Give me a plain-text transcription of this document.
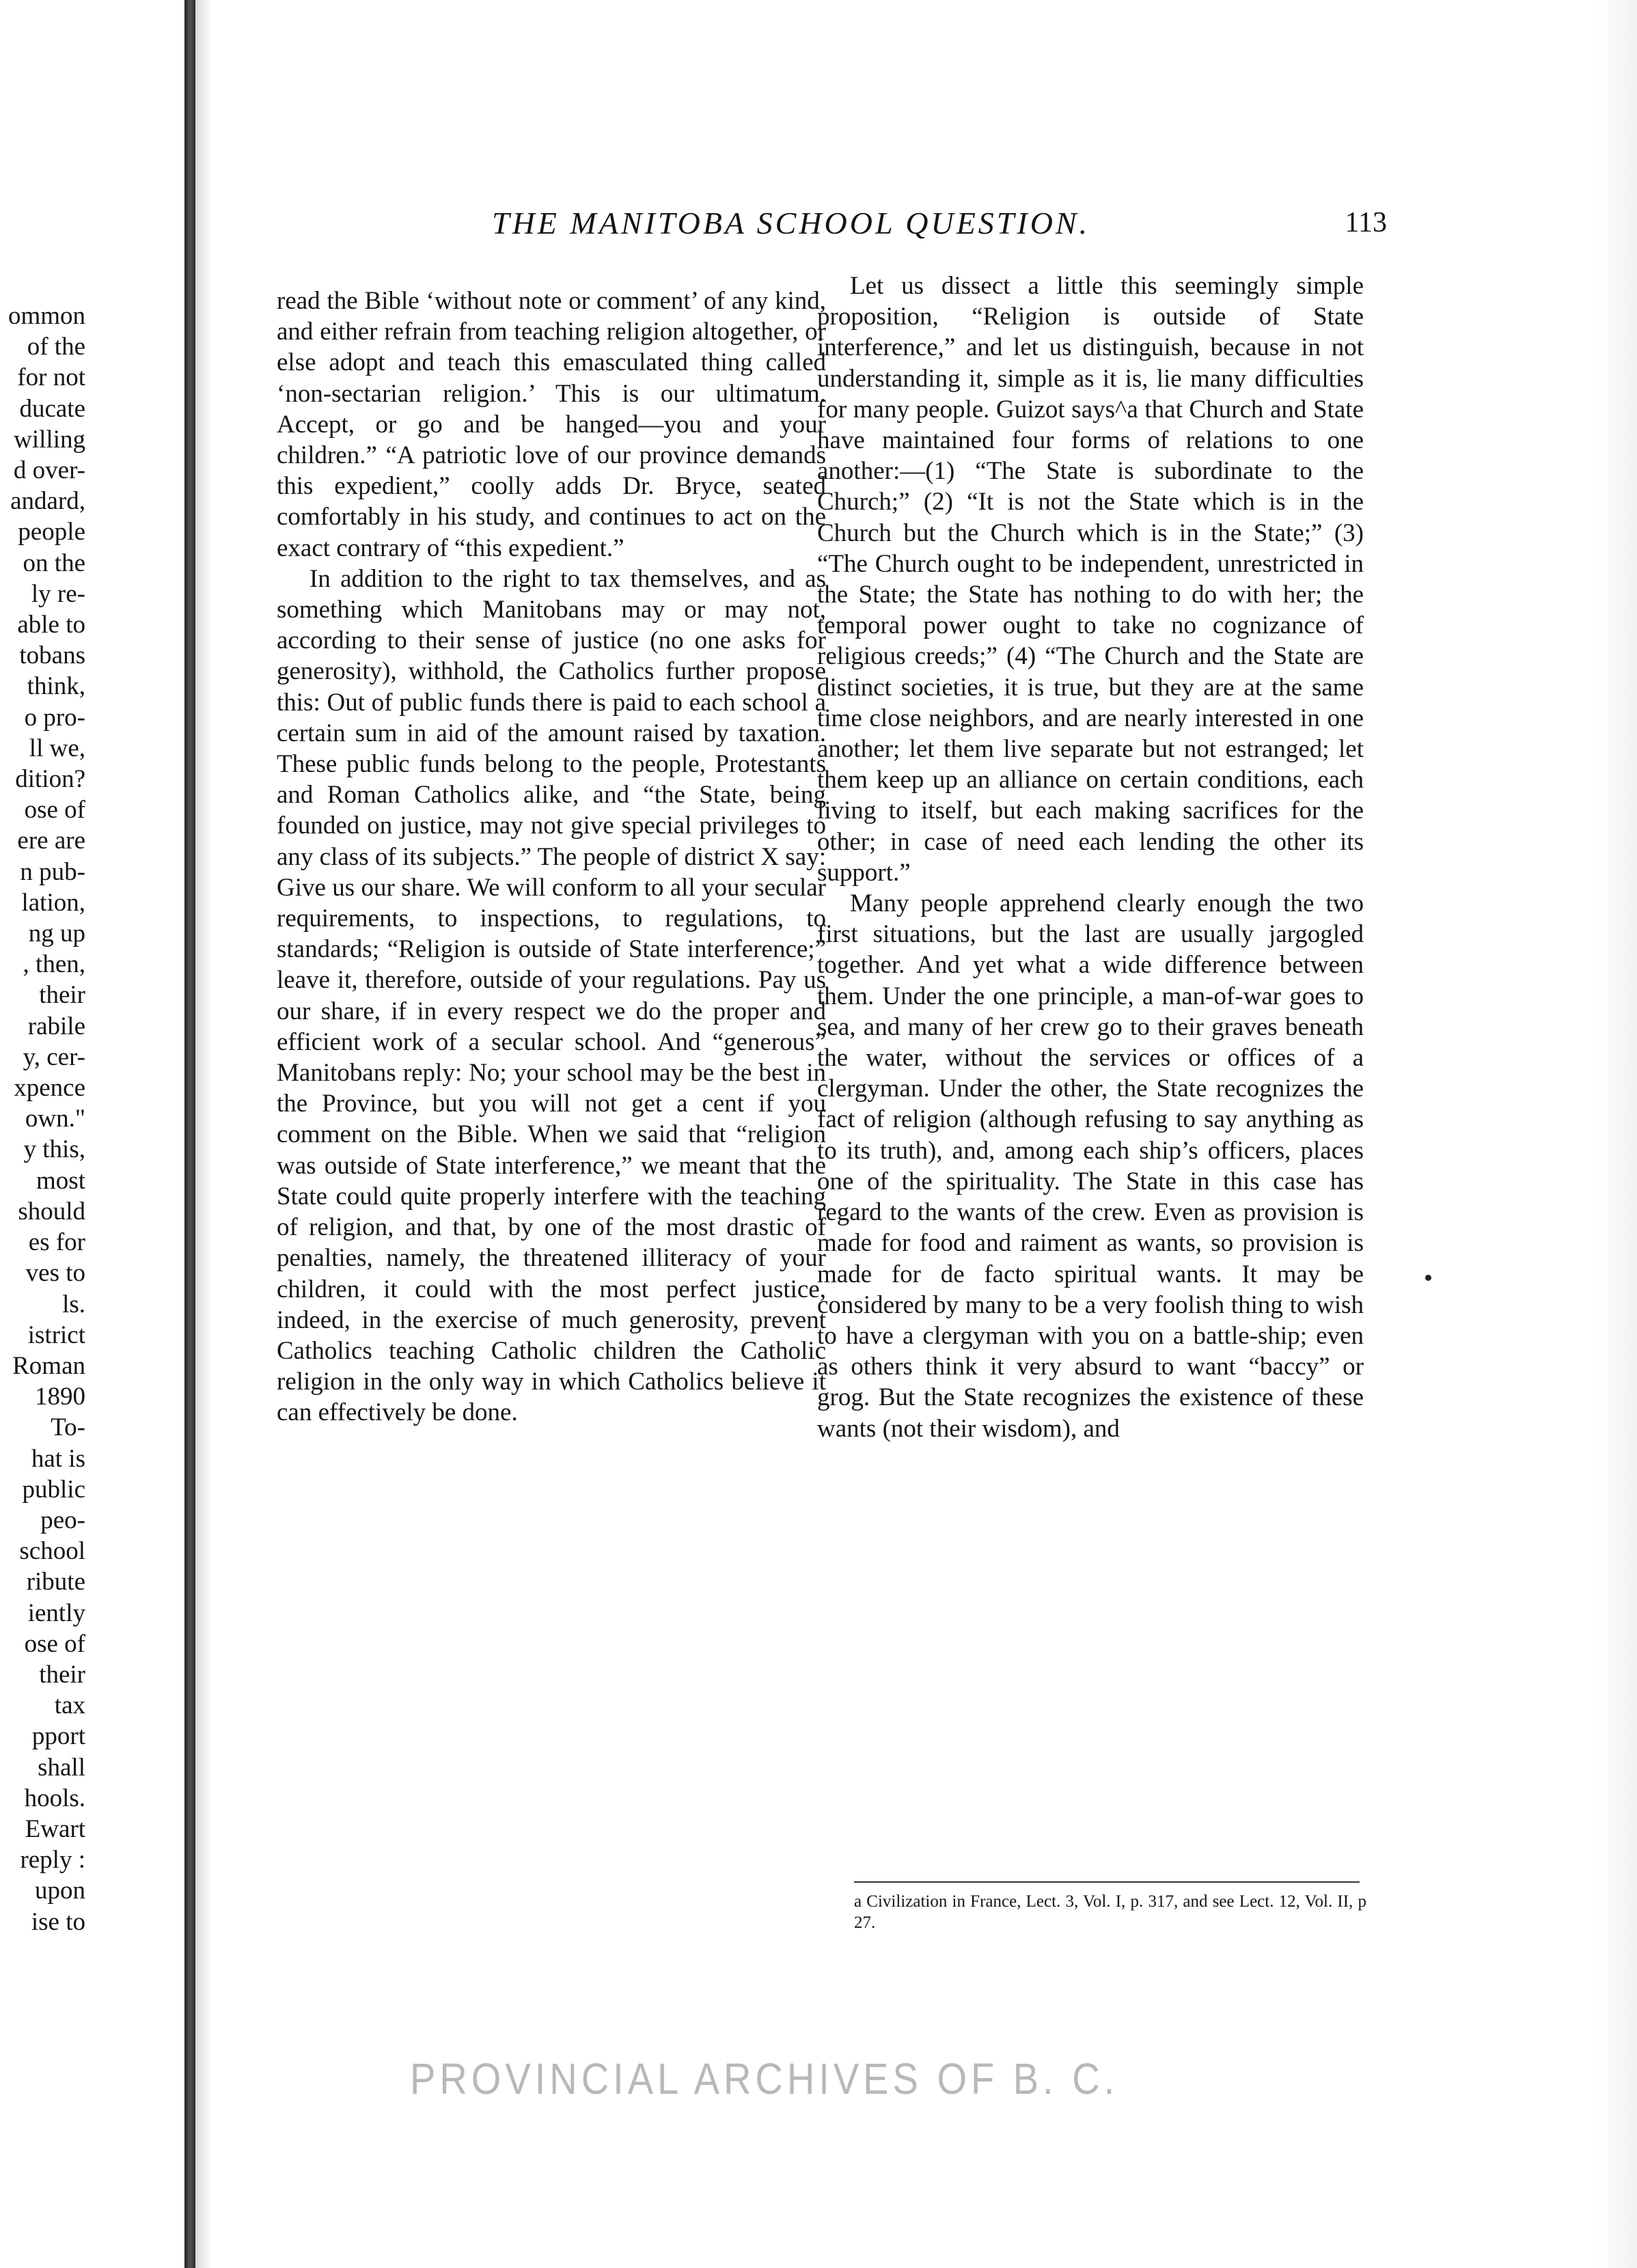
ommon
of the
for not
ducate
willing
d over-
andard,
people
on the
ly re-
able to
tobans
think,
o pro-
ll we,
dition?
ose of
ere are
n pub-
lation,
ng up
, then,
their
rabile
y, cer-
xpence
own."
y this,
most
should
es for
ves to
ls.
istrict
Roman
1890
To-
hat is
public
peo-
school
ribute
iently
ose of
their
tax
pport
shall
hools.
Ewart
reply :
upon
ise to
THE MANITOBA SCHOOL QUESTION.	113

read the Bible ‘without note or comment’ of any kind, and either refrain from teaching religion altogether, or else adopt and teach this emasculated thing called ‘non-sectarian religion.’ This is our ultimatum. Accept, or go and be hanged—you and your children.” “A patriotic love of our province demands this expedient,” coolly adds Dr. Bryce, seated comfortably in his study, and continues to act on the exact contrary of “this expedient.”

In addition to the right to tax themselves, and as something which Manitobans may or may not, according to their sense of justice (no one asks for generosity), withhold, the Catholics further propose this: Out of public funds there is paid to each school a certain sum in aid of the amount raised by taxation. These public funds belong to the people, Protestants and Roman Catholics alike, and “the State, being founded on justice, may not give special privileges to any class of its subjects.” The people of district X say: Give us our share. We will conform to all your secular requirements, to inspections, to regulations, to standards; “Religion is outside of State interference;” leave it, therefore, outside of your regulations. Pay us our share, if in every respect we do the proper and efficient work of a secular school. And “generous” Manitobans reply: No; your school may be the best in the Province, but you will not get a cent if you comment on the Bible. When we said that “religion was outside of State interference,” we meant that the State could quite properly interfere with the teaching of religion, and that, by one of the most drastic of penalties, namely, the threatened illiteracy of your children, it could with the most perfect justice, indeed, in the exercise of much generosity, prevent Catholics teaching Catholic children the Catholic religion in the only way in which Catholics believe it can effectively be done.

Let us dissect a little this seemingly simple proposition, “Religion is outside of State interference,” and let us distinguish, because in not understanding it, simple as it is, lie many difficulties for many people. Guizot says^a that Church and State have maintained four forms of relations to one another:—(1) “The State is subordinate to the Church;” (2) “It is not the State which is in the Church but the Church which is in the State;” (3) “The Church ought to be independent, unrestricted in the State; the State has nothing to do with her; the temporal power ought to take no cognizance of religious creeds;” (4) “The Church and the State are distinct societies, it is true, but they are at the same time close neighbors, and are nearly interested in one another; let them live separate but not estranged; let them keep up an alliance on certain conditions, each living to itself, but each making sacrifices for the other; in case of need each lending the other its support.”

Many people apprehend clearly enough the two first situations, but the last are usually jargogled together. And yet what a wide difference between them. Under the one principle, a man-of-war goes to sea, and many of her crew go to their graves beneath the water, without the services or offices of a clergyman. Under the other, the State recognizes the fact of religion (although refusing to say anything as to its truth), and, among each ship’s officers, places one of the spirituality. The State in this case has regard to the wants of the crew. Even as provision is made for food and raiment as wants, so provision is made for de facto spiritual wants. It may be considered by many to be a very foolish thing to wish to have a clergyman with you on a battle-ship; even as others think it very absurd to want “baccy” or grog. But the State recognizes the existence of these wants (not their wisdom), and

a Civilization in France, Lect. 3, Vol. I, p. 317, and see Lect. 12, Vol. II, p 27.
PROVINCIAL ARCHIVES OF B. C.
